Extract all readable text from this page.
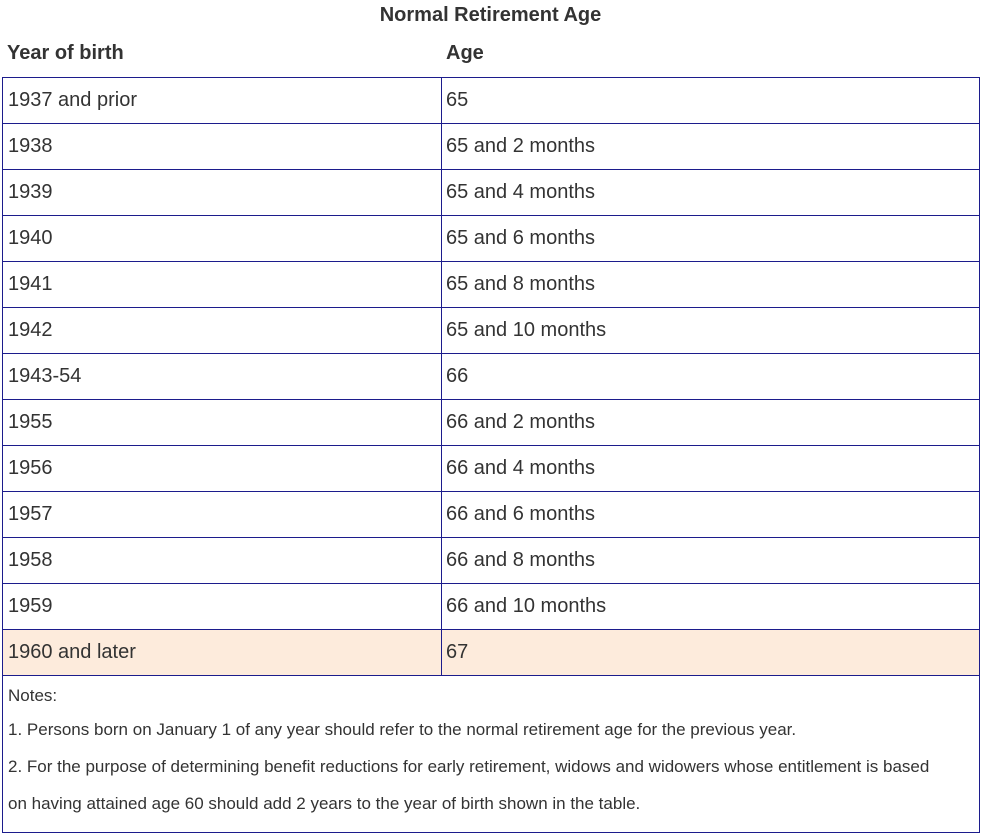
Normal Retirement Age
Year of birth	Age
1937 and prior	65
1938	65 and 2 months
1939	65 and 4 months
1940	65 and 6 months
1941	65 and 8 months
1942	65 and 10 months
1943-54	66
1955	66 and 2 months
1956	66 and 4 months
1957	66 and 6 months
1958	66 and 8 months
1959	66 and 10 months
1960 and later	67
Notes:
1. Persons born on January 1 of any year should refer to the normal retirement age for the previous year.
2. For the purpose of determining benefit reductions for early retirement, widows and widowers whose entitlement is based
on having attained age 60 should add 2 years to the year of birth shown in the table.
